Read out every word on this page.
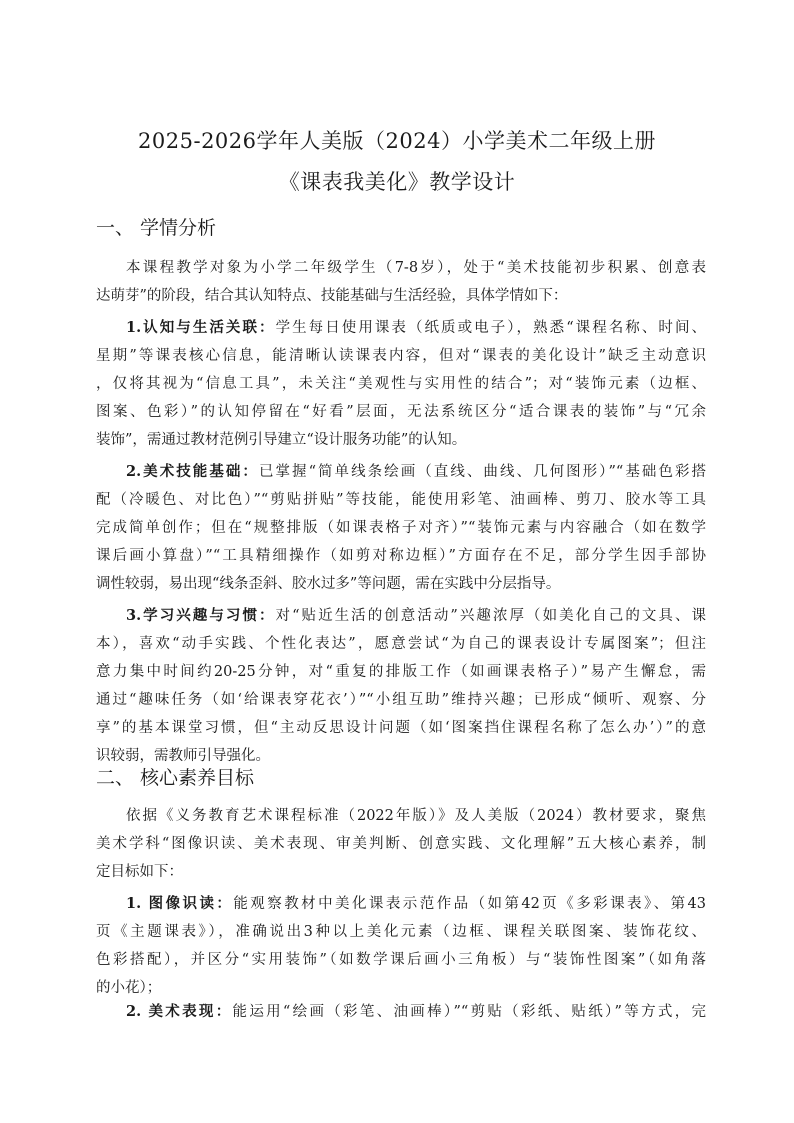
2025-2026学年人美版（2024）小学美术二年级上册
《课表我美化》教学设计
一、 学情分析
本课程教学对象为小学二年级学生（7-8岁），处于“美术技能初步积累、创意表
达萌芽”的阶段，结合其认知特点、技能基础与生活经验，具体学情如下：
1.认知与生活关联：学生每日使用课表（纸质或电子），熟悉“课程名称、时间、
星期”等课表核心信息，能清晰认读课表内容，但对“课表的美化设计”缺乏主动意识
，仅将其视为“信息工具”，未关注“美观性与实用性的结合”；对“装饰元素（边框、
图案、色彩）”的认知停留在“好看”层面，无法系统区分“适合课表的装饰”与“冗余
装饰”，需通过教材范例引导建立“设计服务功能”的认知。
2.美术技能基础：已掌握“简单线条绘画（直线、曲线、几何图形）”“基础色彩搭
配（冷暖色、对比色）”“剪贴拼贴”等技能，能使用彩笔、油画棒、剪刀、胶水等工具
完成简单创作；但在“规整排版（如课表格子对齐）”“装饰元素与内容融合（如在数学
课后画小算盘）”“工具精细操作（如剪对称边框）”方面存在不足，部分学生因手部协
调性较弱，易出现“线条歪斜、胶水过多”等问题，需在实践中分层指导。
3.学习兴趣与习惯：对“贴近生活的创意活动”兴趣浓厚（如美化自己的文具、课
本），喜欢“动手实践、个性化表达”，愿意尝试“为自己的课表设计专属图案”；但注
意力集中时间约20-25分钟，对“重复的排版工作（如画课表格子）”易产生懈怠，需
通过“趣味任务（如‘给课表穿花衣’）”“小组互助”维持兴趣；已形成“倾听、观察、分
享”的基本课堂习惯，但“主动反思设计问题（如‘图案挡住课程名称了怎么办’）”的意
识较弱，需教师引导强化。
二、 核心素养目标
依据《义务教育艺术课程标准（2022年版）》及人美版（2024）教材要求，聚焦
美术学科“图像识读、美术表现、审美判断、创意实践、文化理解”五大核心素养，制
定目标如下：
1. 图像识读：能观察教材中美化课表示范作品（如第42页《多彩课表》、第43
页《主题课表》），准确说出3种以上美化元素（边框、课程关联图案、装饰花纹、
色彩搭配），并区分“实用装饰”（如数学课后画小三角板）与“装饰性图案”（如角落
的小花）；
2. 美术表现：能运用“绘画（彩笔、油画棒）”“剪贴（彩纸、贴纸）”等方式，完
